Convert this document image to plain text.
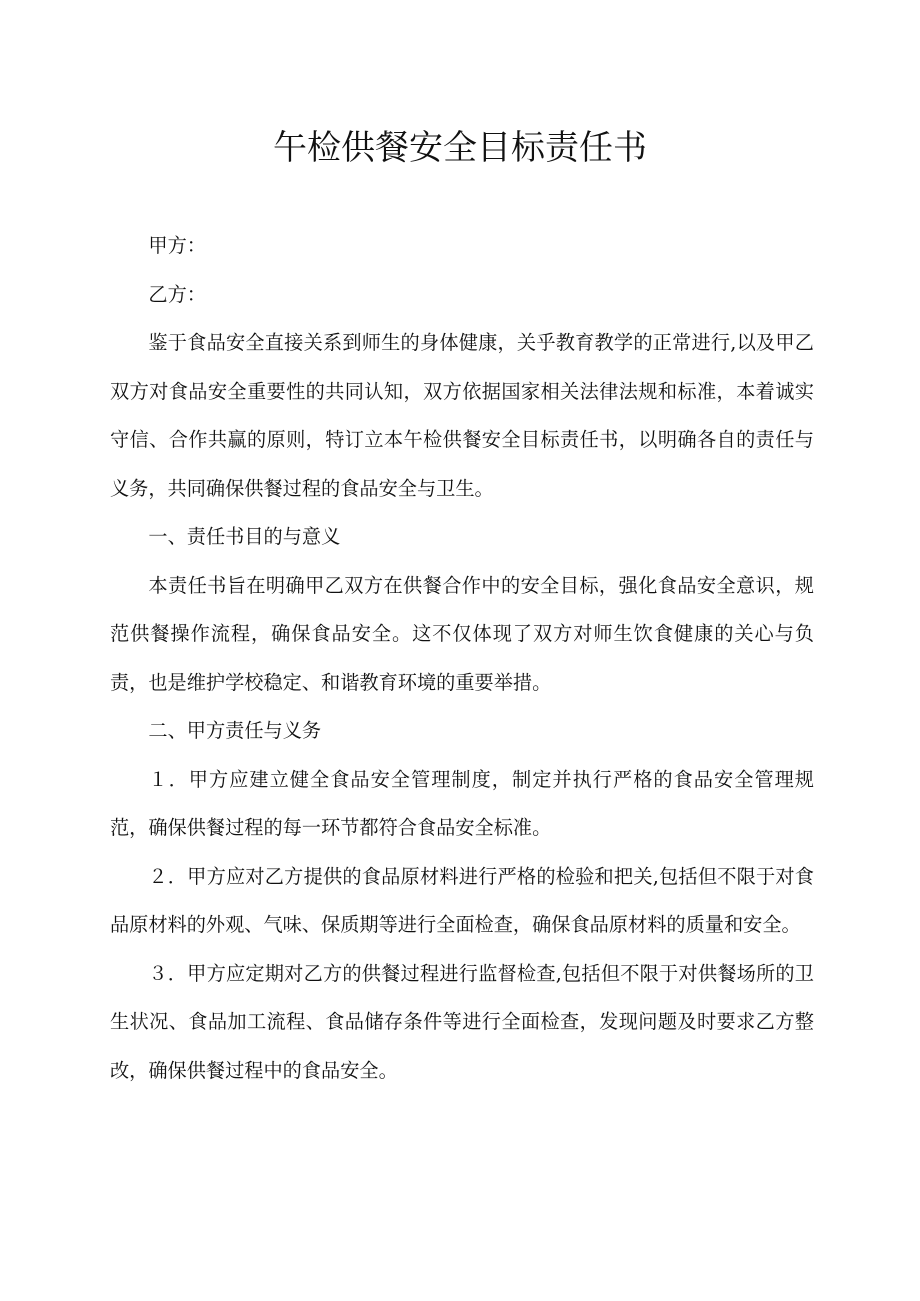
午检供餐安全目标责任书

甲方：

乙方：

鉴于食品安全直接关系到师生的身体健康，关乎教育教学的正常进行,以及甲乙双方对食品安全重要性的共同认知，双方依据国家相关法律法规和标准，本着诚实守信、合作共赢的原则，特订立本午检供餐安全目标责任书，以明确各自的责任与义务，共同确保供餐过程的食品安全与卫生。

一、责任书目的与意义

本责任书旨在明确甲乙双方在供餐合作中的安全目标，强化食品安全意识，规范供餐操作流程，确保食品安全。这不仅体现了双方对师生饮食健康的关心与负责，也是维护学校稳定、和谐教育环境的重要举措。

二、甲方责任与义务

１．甲方应建立健全食品安全管理制度，制定并执行严格的食品安全管理规范，确保供餐过程的每一环节都符合食品安全标准。

２．甲方应对乙方提供的食品原材料进行严格的检验和把关,包括但不限于对食品原材料的外观、气味、保质期等进行全面检查，确保食品原材料的质量和安全。

３．甲方应定期对乙方的供餐过程进行监督检查,包括但不限于对供餐场所的卫生状况、食品加工流程、食品储存条件等进行全面检查，发现问题及时要求乙方整改，确保供餐过程中的食品安全。
